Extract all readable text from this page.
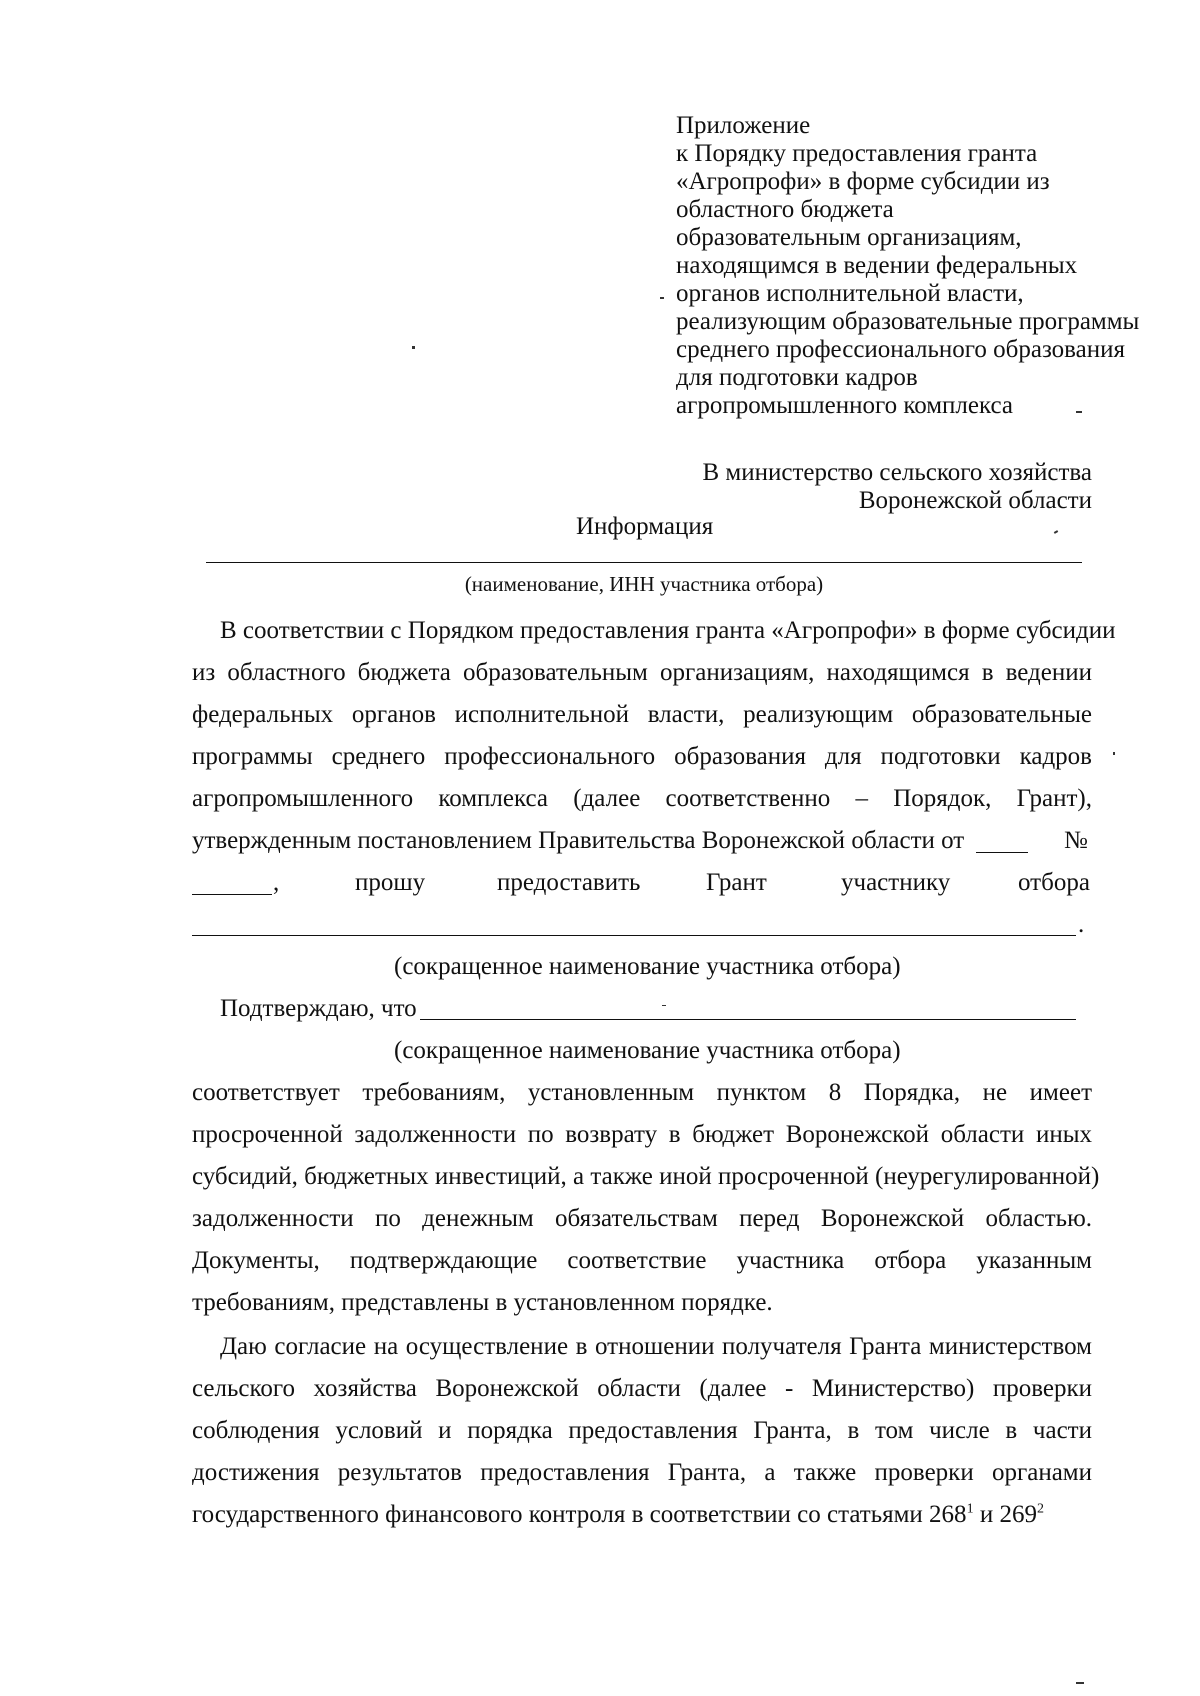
Приложение
к Порядку предоставления гранта
«Агропрофи» в форме субсидии из
областного бюджета
образовательным организациям,
находящимся в ведении федеральных
органов исполнительной власти,
реализующим образовательные программы
среднего профессионального образования
для подготовки кадров
агропромышленного комплекса
В министерство сельского хозяйства
Воронежской области
Информация
(наименование, ИНН участника отбора)
В соответствии с Порядком предоставления гранта «Агропрофи» в форме субсидии
из областного бюджета образовательным организациям, находящимся в ведении
федеральных органов исполнительной власти, реализующим образовательные
программы среднего профессионального образования для подготовки кадров
агропромышленного комплекса (далее соответственно – Порядок, Грант),
утвержденным постановлением Правительства Воронежской области от	№
,	прошу	предоставить	Грант	участнику	отбора
.
(сокращенное наименование участника отбора)
Подтверждаю, что
(сокращенное наименование участника отбора)
соответствует требованиям, установленным пунктом 8 Порядка, не имеет
просроченной задолженности по возврату в бюджет Воронежской области иных
субсидий, бюджетных инвестиций, а также иной просроченной (неурегулированной)
задолженности по денежным обязательствам перед Воронежской областью.
Документы, подтверждающие соответствие участника отбора указанным
требованиям, представлены в установленном порядке.
Даю согласие на осуществление в отношении получателя Гранта министерством
сельского хозяйства Воронежской области (далее - Министерство) проверки
соблюдения условий и порядка предоставления Гранта, в том числе в части
достижения результатов предоставления Гранта, а также проверки органами
государственного финансового контроля в соответствии со статьями $268^1$ и $269^2$
